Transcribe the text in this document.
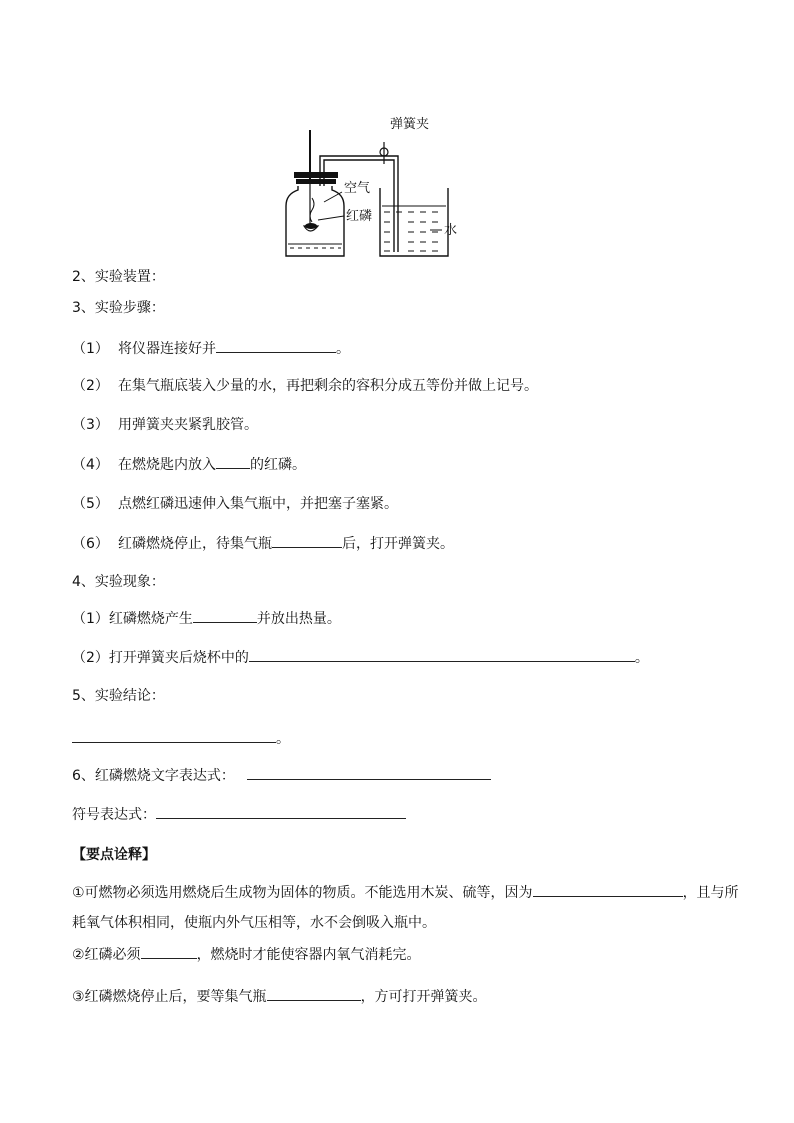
弹簧夹
空气
红磷
水
2、实验装置：
3、实验步骤：
（1） 将仪器连接好并	。
（2） 在集气瓶底装入少量的水，再把剩余的容积分成五等份并做上记号。
（3） 用弹簧夹夹紧乳胶管。
（4） 在燃烧匙内放入 的红磷。
（5） 点燃红磷迅速伸入集气瓶中，并把塞子塞紧。
（6） 红磷燃烧停止，待集气瓶	后，打开弹簧夹。
4、实验现象：
（1）红磷燃烧产生	并放出热量。
（2）打开弹簧夹后烧杯中的	。
5、实验结论：
。
6、红磷燃烧文字表达式：
符号表达式：
【要点诠释】
①可燃物必须选用燃烧后生成物为固体的物质。不能选用木炭、硫等，因为	，且与所
耗氧气体积相同，使瓶内外气压相等，水不会倒吸入瓶中。
②红磷必须	，燃烧时才能使容器内氧气消耗完。
③红磷燃烧停止后，要等集气瓶	，方可打开弹簧夹。
